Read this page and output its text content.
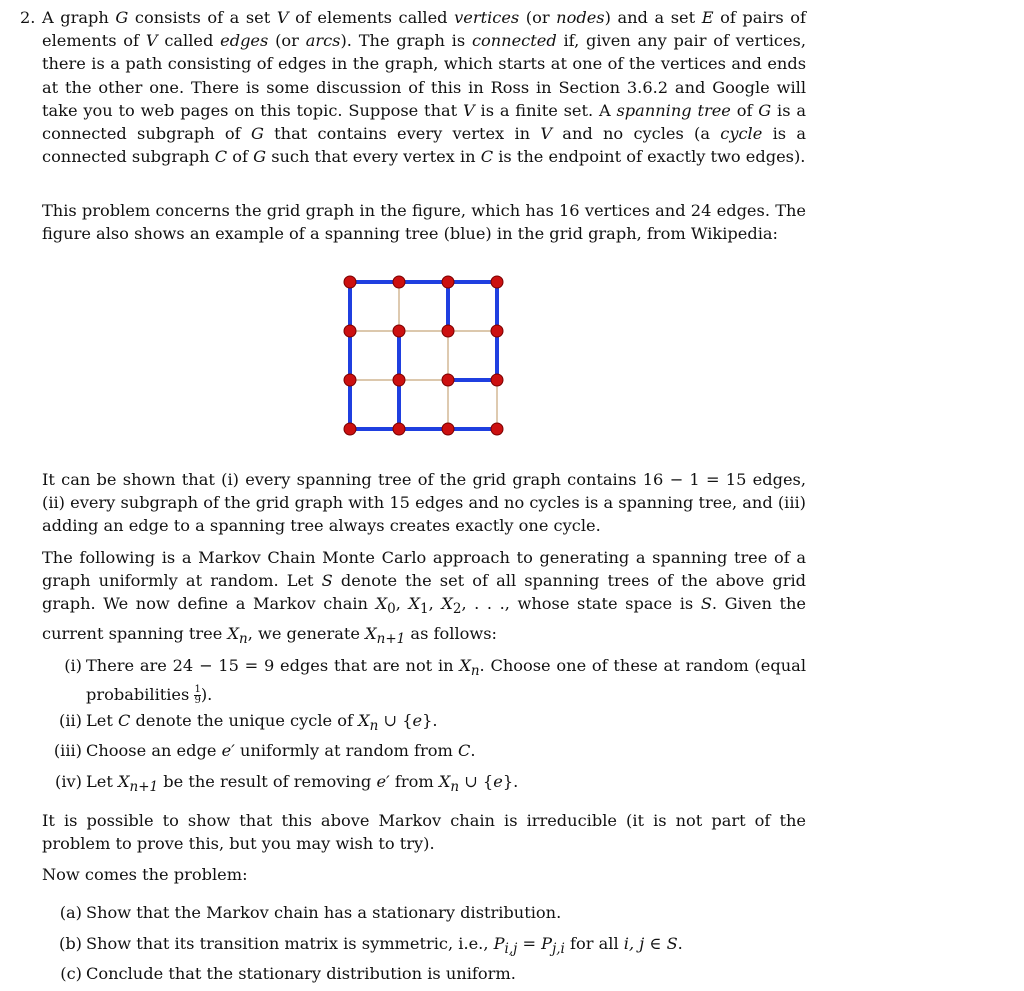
2. A graph G consists of a set V of elements called vertices (or nodes) and a set E of pairs of elements of V called edges (or arcs). The graph is connected if, given any pair of vertices, there is a path consisting of edges in the graph, which starts at one of the vertices and ends at the other one. There is some discussion of this in Ross in Section 3.6.2 and Google will take you to web pages on this topic. Suppose that V is a finite set. A spanning tree of G is a connected subgraph of G that contains every vertex in V and no cycles (a cycle is a connected subgraph C of G such that every vertex in C is the endpoint of exactly two edges).

This problem concerns the grid graph in the figure, which has 16 vertices and 24 edges. The figure also shows an example of a spanning tree (blue) in the grid graph, from Wikipedia:

It can be shown that (i) every spanning tree of the grid graph contains 16 − 1 = 15 edges, (ii) every subgraph of the grid graph with 15 edges and no cycles is a spanning tree, and (iii) adding an edge to a spanning tree always creates exactly one cycle.

The following is a Markov Chain Monte Carlo approach to generating a spanning tree of a graph uniformly at random. Let S denote the set of all spanning trees of the above grid graph. We now define a Markov chain $X_0$, $X_1$, $X_2$, . . ., whose state space is S. Given the current spanning tree $X_n$, we generate $X_{n+1}$ as follows:

(i) There are 24 − 15 = 9 edges that are not in $X_n$. Choose one of these at random (equal probabilities $\frac{1}{9}$ ).

(ii) Let C denote the unique cycle of $X_n$ ∪ {e}.

(iii) Choose an edge e′ uniformly at random from C.

(iv) Let $X_{n+1}$ be the result of removing e′ from $X_n$ ∪ {e}.

It is possible to show that this above Markov chain is irreducible (it is not part of the problem to prove this, but you may wish to try).

Now comes the problem:

(a) Show that the Markov chain has a stationary distribution.

(b) Show that its transition matrix is symmetric, i.e., $P_{i,j} = P_{j,i}$ for all i, j ∈ S.

(c) Conclude that the stationary distribution is uniform.
